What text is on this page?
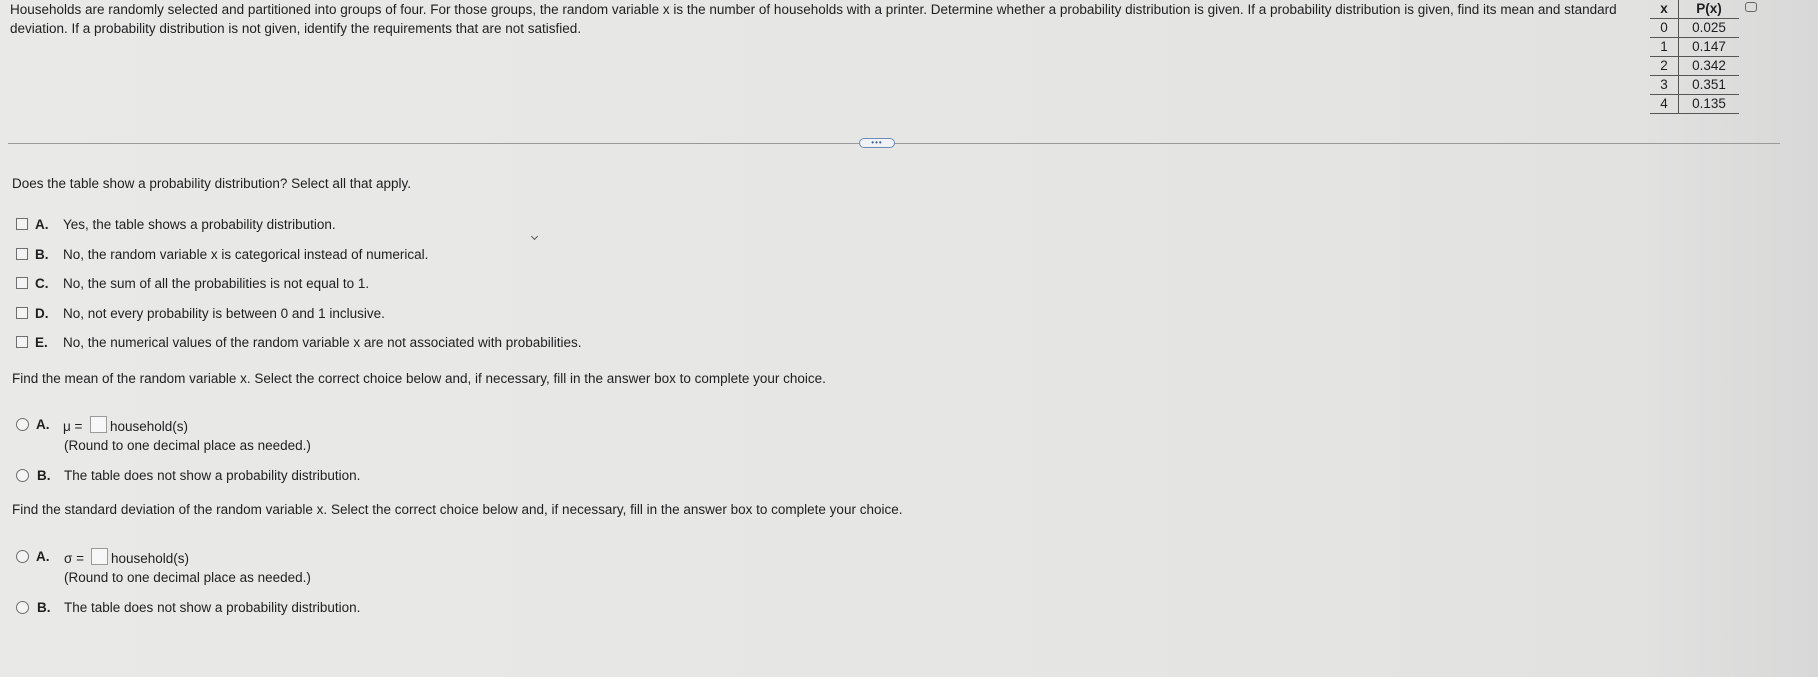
Households are randomly selected and partitioned into groups of four. For those groups, the random variable x is the number of households with a printer. Determine whether a probability distribution is given. If a probability distribution is given, find its mean and standard deviation. If a probability distribution is not given, identify the requirements that are not satisfied.
x	P(x)
0	0.025
1	0.147
2	0.342
3	0.351
4	0.135
•••
Does the table show a probability distribution? Select all that apply.
A. Yes, the table shows a probability distribution.
B. No, the random variable x is categorical instead of numerical.
C. No, the sum of all the probabilities is not equal to 1.
D. No, not every probability is between 0 and 1 inclusive.
E. No, the numerical values of the random variable x are not associated with probabilities.
Find the mean of the random variable x. Select the correct choice below and, if necessary, fill in the answer box to complete your choice.
A. μ = household(s)
(Round to one decimal place as needed.)
B. The table does not show a probability distribution.
Find the standard deviation of the random variable x. Select the correct choice below and, if necessary, fill in the answer box to complete your choice.
A. σ = household(s)
(Round to one decimal place as needed.)
B. The table does not show a probability distribution.
